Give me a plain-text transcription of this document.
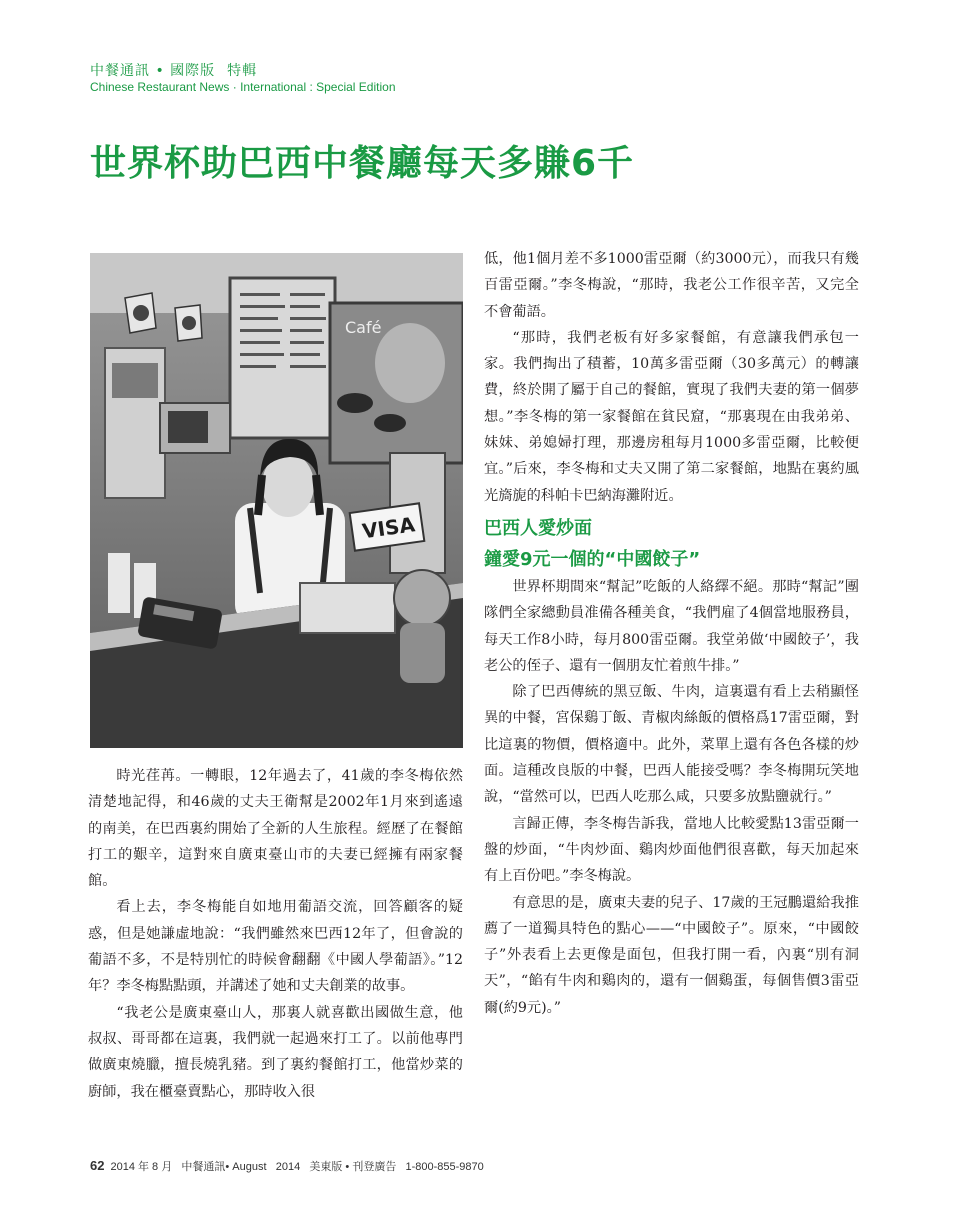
中餐通訊 • 國際版 特輯
Chinese Restaurant News · International : Special Edition
世界杯助巴西中餐廳每天多賺6千
Café
VISA

時光荏苒。一轉眼，12年過去了，41歲的李冬梅依然清楚地記得，和46歲的丈夫王衛幫是2002年1月來到遙遠的南美，在巴西裏約開始了全新的人生旅程。經歷了在餐館打工的艱辛，這對來自廣東臺山市的夫妻已經擁有兩家餐館。

看上去，李冬梅能自如地用葡語交流，回答顧客的疑惑，但是她謙虛地說：“我們雖然來巴西12年了，但會說的葡語不多，不是特別忙的時候會翻翻《中國人學葡語》。”12年？李冬梅點點頭，并講述了她和丈夫創業的故事。

“我老公是廣東臺山人，那裏人就喜歡出國做生意，他叔叔、哥哥都在這裏，我們就一起過來打工了。以前他專門做廣東燒臘，擅長燒乳豬。到了裏約餐館打工，他當炒菜的廚師，我在櫃臺賣點心，那時收入很

低，他1個月差不多1000雷亞爾（約3000元），而我只有幾百雷亞爾。”李冬梅說，“那時，我老公工作很辛苦，又完全不會葡語。

“那時，我們老板有好多家餐館，有意讓我們承包一家。我們掏出了積蓄，10萬多雷亞爾（30多萬元）的轉讓費，終於開了屬于自己的餐館，實現了我們夫妻的第一個夢想。”李冬梅的第一家餐館在貧民窟，“那裏現在由我弟弟、妹妹、弟媳婦打理，那邊房租每月1000多雷亞爾，比較便宜。”后來，李冬梅和丈夫又開了第二家餐館，地點在裏約風光旖旎的科帕卡巴納海灘附近。

巴西人愛炒面
鐘愛9元一個的“中國餃子”

世界杯期間來“幫記”吃飯的人絡繹不絕。那時“幫記”團隊們全家總動員准備各種美食，“我們雇了4個當地服務員，每天工作8小時，每月800雷亞爾。我堂弟做‘中國餃子’，我老公的侄子、還有一個朋友忙着煎牛排。”

除了巴西傳統的黑豆飯、牛肉，這裏還有看上去稍顯怪異的中餐，宮保鷄丁飯、青椒肉絲飯的價格爲17雷亞爾，對比這裏的物價，價格適中。此外，菜單上還有各色各樣的炒面。這種改良版的中餐，巴西人能接受嗎？李冬梅開玩笑地說，“當然可以，巴西人吃那么咸，只要多放點鹽就行。”

言歸正傳，李冬梅告訴我，當地人比較愛點13雷亞爾一盤的炒面，“牛肉炒面、鷄肉炒面他們很喜歡，每天加起來有上百份吧。”李冬梅說。

有意思的是，廣東夫妻的兒子、17歲的王冠鵬還給我推薦了一道獨具特色的點心——“中國餃子”。原來，“中國餃子”外表看上去更像是面包，但我打開一看，內裏“別有洞天”，“餡有牛肉和鷄肉的，還有一個鷄蛋，每個售價3雷亞爾(約9元)。”

62 2014 年 8 月   中餐通訊• August   2014   美東版 • 刊登廣告   1-800-855-9870
